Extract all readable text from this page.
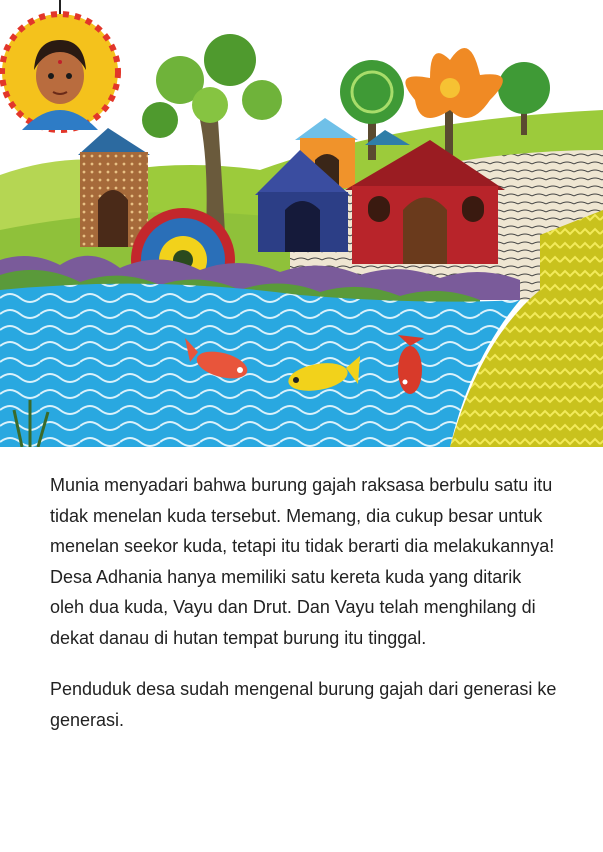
Munia menyadari bahwa burung gajah raksasa berbulu satu itu tidak menelan kuda tersebut. Memang, dia cukup besar untuk menelan seekor kuda, tetapi itu tidak berarti dia melakukannya! Desa Adhania hanya memiliki satu kereta kuda yang ditarik oleh dua kuda, Vayu dan Drut. Dan Vayu telah menghilang di dekat danau di hutan tempat burung itu tinggal.

Penduduk desa sudah mengenal burung gajah dari generasi ke generasi.
